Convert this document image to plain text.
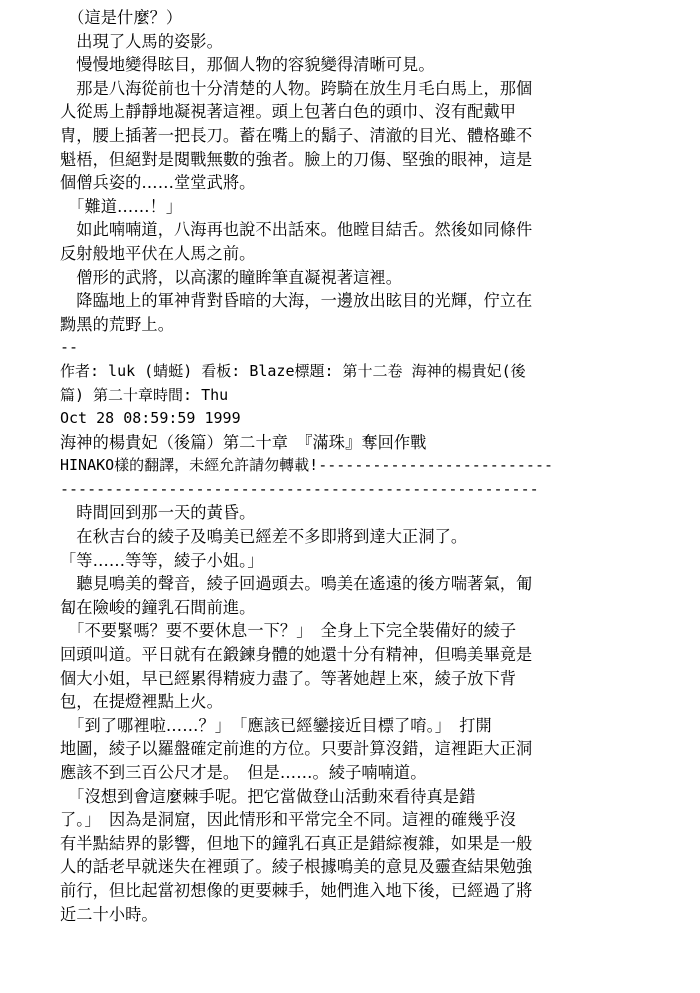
　（這是什麼？）
　出現了人馬的姿影。
　慢慢地變得眩目，那個人物的容貌變得清晰可見。
　那是八海從前也十分清楚的人物。跨騎在放生月毛白馬上，那個
人從馬上靜靜地凝視著這裡。頭上包著白色的頭巾、沒有配戴甲
冑，腰上插著一把長刀。蓄在嘴上的鬍子、清澈的目光、體格雖不
魁梧，但絕對是閱戰無數的強者。臉上的刀傷、堅強的眼神，這是
個僧兵姿的……堂堂武將。
　「難道……！」
　如此喃喃道，八海再也說不出話來。他瞠目結舌。然後如同條件
反射般地平伏在人馬之前。
　僧形的武將，以高潔的瞳眸筆直凝視著這裡。
　降臨地上的軍神背對昏暗的大海，一邊放出眩目的光輝，佇立在
黝黑的荒野上。
--
作者: luk (蜻蜓) 看板: Blaze標題: 第十二卷 海神的楊貴妃(後
篇) 第二十章時間: Thu
Oct 28 08:59:59 1999
海神的楊貴妃（後篇）第二十章　『滿珠』奪回作戰
HINAKO樣的翻譯，未經允許請勿轉載!--------------------------
-----------------------------------------------------
　時間回到那一天的黃昏。
　在秋吉台的綾子及鳴美已經差不多即將到達大正洞了。
「等……等等，綾子小姐。」
　聽見鳴美的聲音，綾子回過頭去。鳴美在遙遠的後方喘著氣，匍
匐在險峻的鐘乳石間前進。
　「不要緊嗎？要不要休息一下？」　全身上下完全裝備好的綾子
回頭叫道。平日就有在鍛鍊身體的她還十分有精神，但鳴美畢竟是
個大小姐，早已經累得精疲力盡了。等著她趕上來，綾子放下背
包，在提燈裡點上火。
　「到了哪裡啦……？」　「應該已經鑾接近目標了唷。」　打開
地圖，綾子以羅盤確定前進的方位。只要計算沒錯，這裡距大正洞
應該不到三百公尺才是。　但是……。綾子喃喃道。
　「沒想到會這麼棘手呢。把它當做登山活動來看待真是錯
了。」　因為是洞窟，因此情形和平常完全不同。這裡的確幾乎沒
有半點結界的影響，但地下的鐘乳石真正是錯綜複雜，如果是一般
人的話老早就迷失在裡頭了。綾子根據鳴美的意見及靈查結果勉強
前行，但比起當初想像的更要棘手，她們進入地下後，已經過了將
近二十小時。
